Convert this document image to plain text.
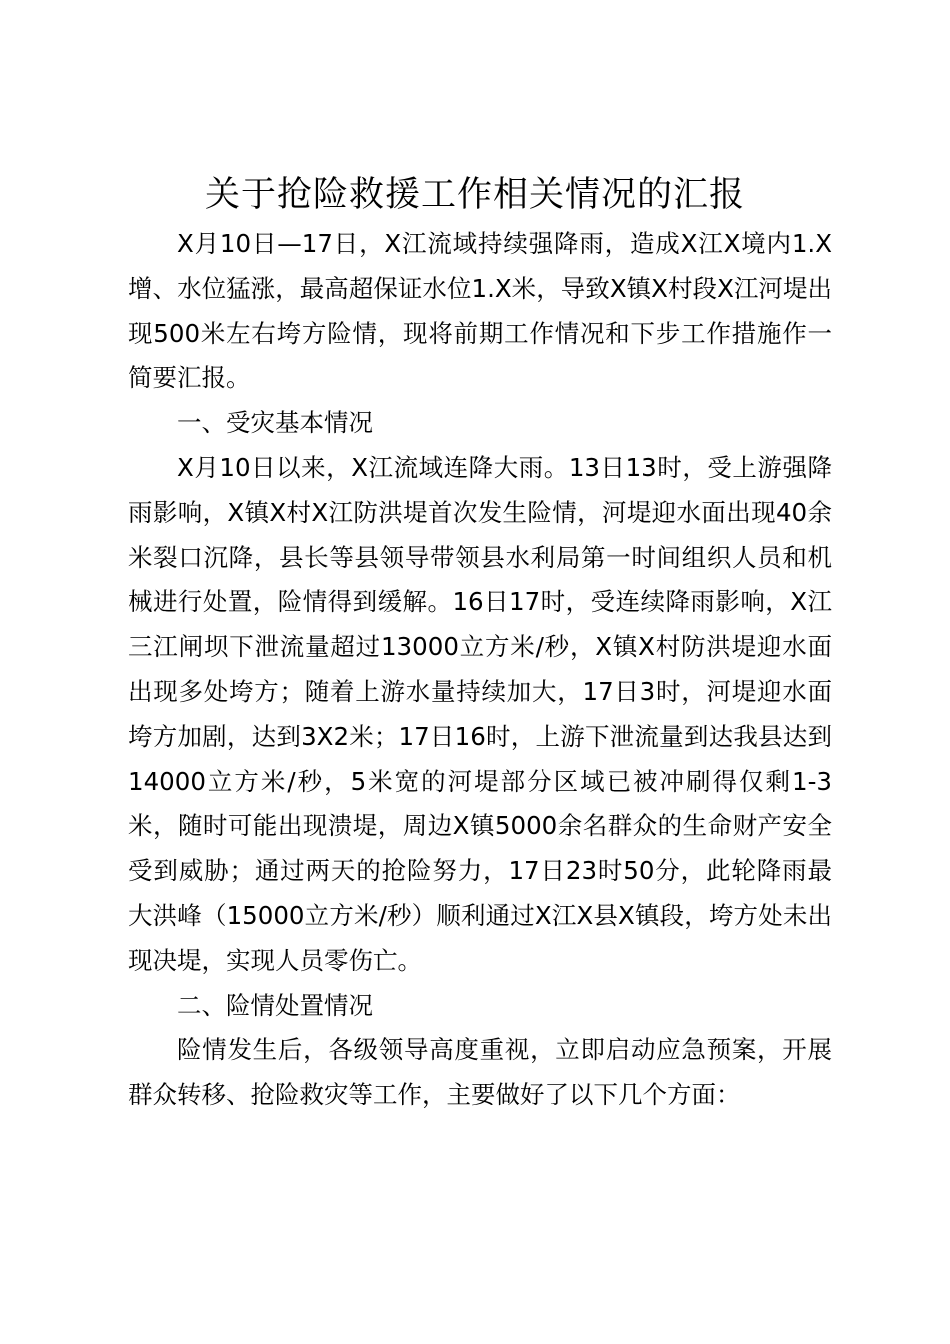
关于抢险救援工作相关情况的汇报

X月10日—17日，X江流域持续强降雨，造成X江X境内1.X增、水位猛涨，最高超保证水位1.X米，导致X镇X村段X江河堤出现500米左右垮方险情，现将前期工作情况和下步工作措施作一简要汇报。

一、受灾基本情况

X月10日以来，X江流域连降大雨。13日13时，受上游强降雨影响，X镇X村X江防洪堤首次发生险情，河堤迎水面出现40余米裂口沉降，县长等县领导带领县水利局第一时间组织人员和机械进行处置，险情得到缓解。16日17时，受连续降雨影响，X江三江闸坝下泄流量超过13000立方米/秒，X镇X村防洪堤迎水面出现多处垮方；随着上游水量持续加大，17日3时，河堤迎水面垮方加剧，达到3X2米；17日16时，上游下泄流量到达我县达到14000立方米/秒，5米宽的河堤部分区域已被冲刷得仅剩1-3米，随时可能出现溃堤，周边X镇5000余名群众的生命财产安全受到威胁；通过两天的抢险努力，17日23时50分，此轮降雨最大洪峰（15000立方米/秒）顺利通过X江X县X镇段，垮方处未出现决堤，实现人员零伤亡。

二、险情处置情况

险情发生后，各级领导高度重视，立即启动应急预案，开展群众转移、抢险救灾等工作，主要做好了以下几个方面：
